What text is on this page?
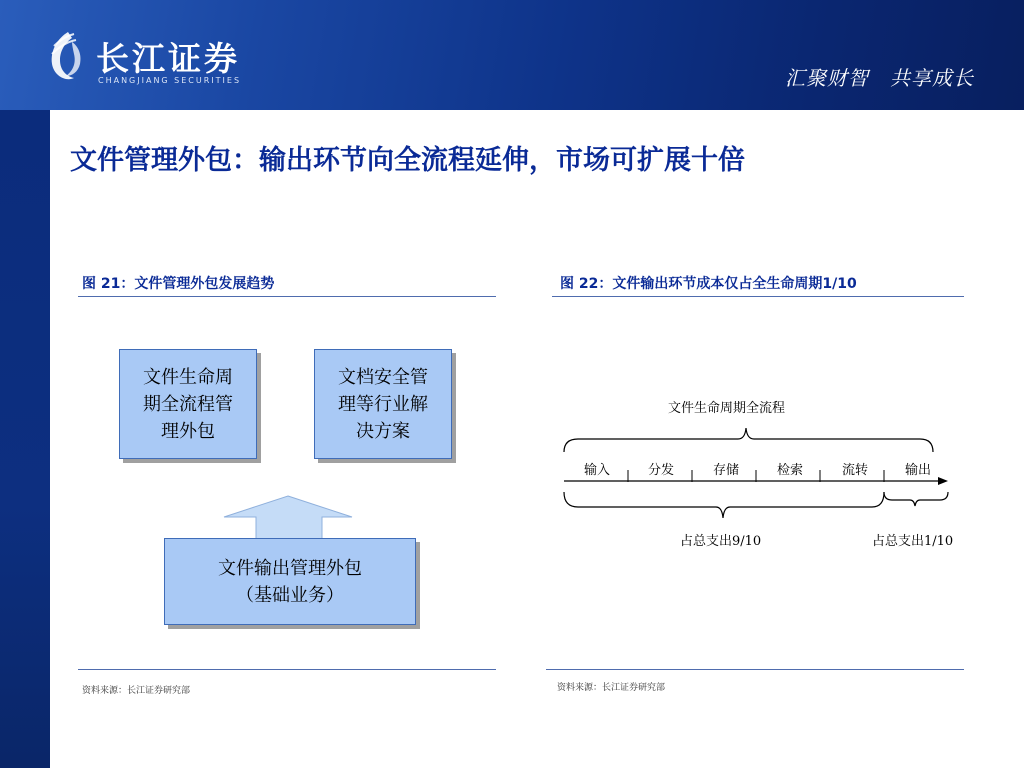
长江证券
CHANGJIANG SECURITIES	汇聚财智　共享成长
文件管理外包：输出环节向全流程延伸，市场可扩展十倍
图 21：文件管理外包发展趋势
文件生命周
期全流程管
理外包
文档安全管
理等行业解
决方案
文件输出管理外包
（基础业务）
资料来源：长江证券研究部
图 22：文件输出环节成本仅占全生命周期1/10
文件生命周期全流程
输入	分发	存储	检索	流转	输出
占总支出9/10	占总支出1/10
资料来源：长江证券研究部
